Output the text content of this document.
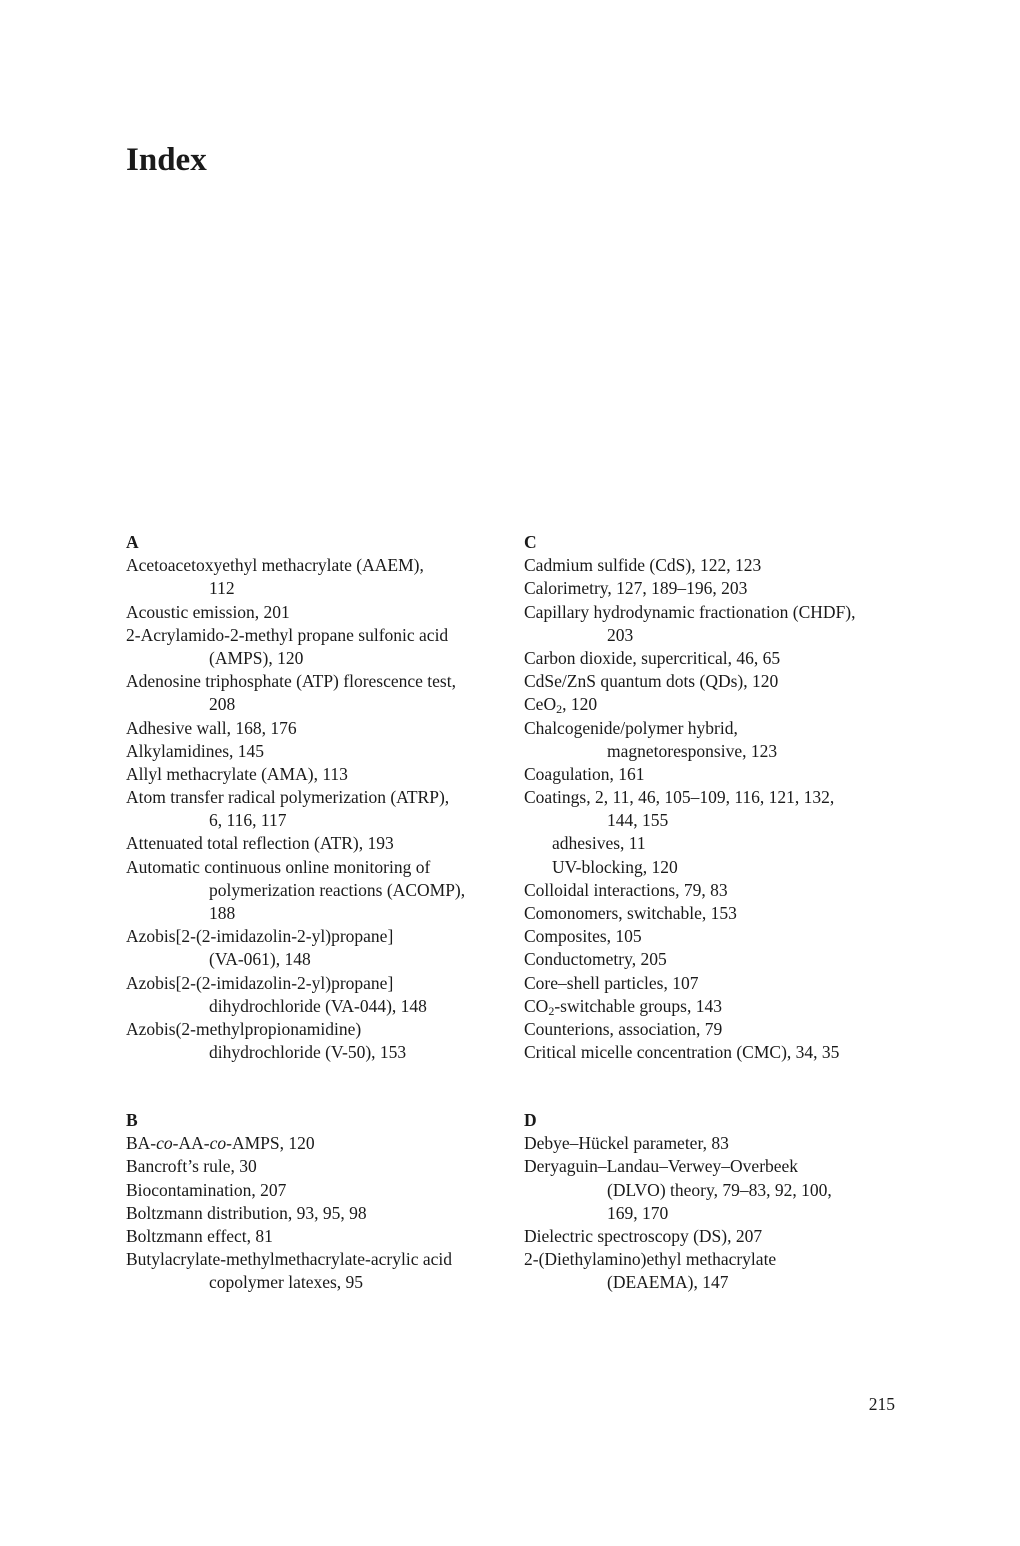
Index
A
Acetoacetoxyethyl methacrylate (AAEM),
112
Acoustic emission, 201
2-Acrylamido-2-methyl propane sulfonic acid
(AMPS), 120
Adenosine triphosphate (ATP) florescence test,
208
Adhesive wall, 168, 176
Alkylamidines, 145
Allyl methacrylate (AMA), 113
Atom transfer radical polymerization (ATRP),
6, 116, 117
Attenuated total reflection (ATR), 193
Automatic continuous online monitoring of
polymerization reactions (ACOMP),
188
Azobis[2-(2-imidazolin-2-yl)propane]
(VA-061), 148
Azobis[2-(2-imidazolin-2-yl)propane]
dihydrochloride (VA-044), 148
Azobis(2-methylpropionamidine)
dihydrochloride (V-50), 153
B
BA-co-AA-co-AMPS, 120
Bancroft’s rule, 30
Biocontamination, 207
Boltzmann distribution, 93, 95, 98
Boltzmann effect, 81
Butylacrylate-methylmethacrylate-acrylic acid
copolymer latexes, 95
C
Cadmium sulfide (CdS), 122, 123
Calorimetry, 127, 189–196, 203
Capillary hydrodynamic fractionation (CHDF),
203
Carbon dioxide, supercritical, 46, 65
CdSe/ZnS quantum dots (QDs), 120
CeO$_2$, 120
Chalcogenide/polymer hybrid,
magnetoresponsive, 123
Coagulation, 161
Coatings, 2, 11, 46, 105–109, 116, 121, 132,
144, 155
adhesives, 11
UV-blocking, 120
Colloidal interactions, 79, 83
Comonomers, switchable, 153
Composites, 105
Conductometry, 205
Core–shell particles, 107
$CO_2$-switchable groups, 143
Counterions, association, 79
Critical micelle concentration (CMC), 34, 35
D
Debye–Hückel parameter, 83
Deryaguin–Landau–Verwey–Overbeek
(DLVO) theory, 79–83, 92, 100,
169, 170
Dielectric spectroscopy (DS), 207
2-(Diethylamino)ethyl methacrylate
(DEAEMA), 147
215
